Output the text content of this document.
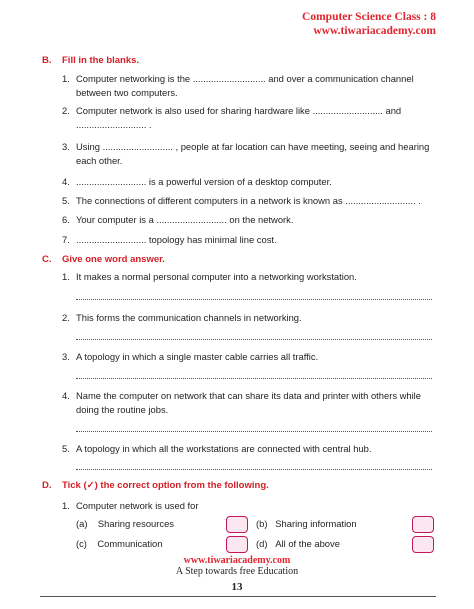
Computer Science Class : 8
www.tiwariacademy.com
B. Fill in the blanks.
1. Computer networking is the ............................ and over a communication channel
between two computers.
2. Computer network is also used for sharing hardware like ........................... and
........................... .
3. Using ........................... , people at far location can have meeting, seeing and hearing
each other.
4. ........................... is a powerful version of a desktop computer.
5. The connections of different computers in a network is known as ........................... .
6. Your computer is a ........................... on the network.
7. ........................... topology has minimal line cost.
C. Give one word answer.
1. It makes a normal personal computer into a networking workstation.
2. This forms the communication channels in networking.
3. A topology in which a single master cable carries all traffic.
4. Name the computer on network that can share its data and printer with others while
doing the routine jobs.
5. A topology in which all the workstations are connected with central hub.
D. Tick (✓) the correct option from the following.
1. Computer network is used for
(a) Sharing resources	(b) Sharing information
(c) Communication	(d) All of the above
www.tiwariacademy.com
A Step towards free Education
13
